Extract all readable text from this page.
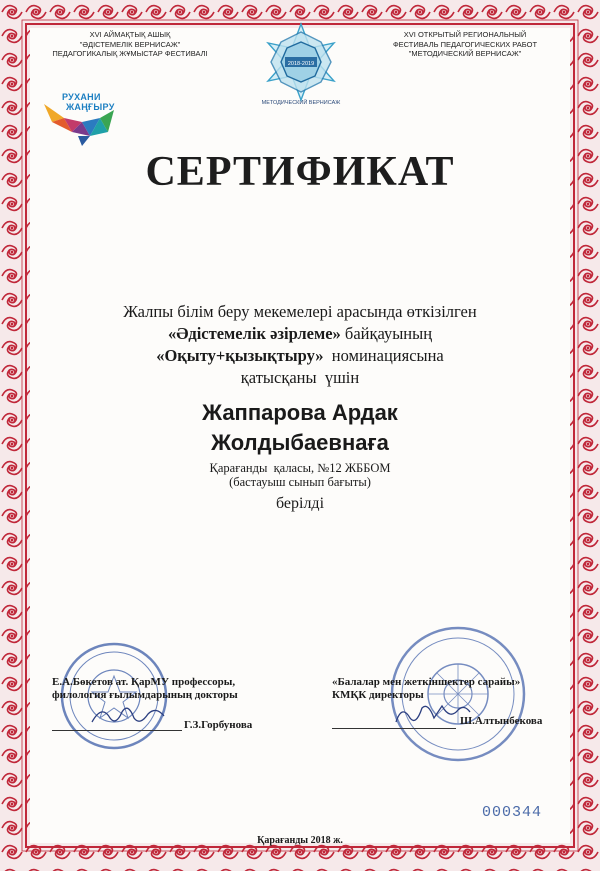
XVI АЙМАҚТЫҚ АШЫҚ
"ӘДІСТЕМЕЛІК ВЕРНИСАЖ"
ПЕДАГОГИКАЛЫҚ ЖҰМЫСТАР ФЕСТИВАЛІ
2018-2019
МЕТОДИЧЕСКИЙ ВЕРНИСАЖ
XVI ОТКРЫТЫЙ РЕГИОНАЛЬНЫЙ
ФЕСТИВАЛЬ ПЕДАГОГИЧЕСКИХ РАБОТ
"МЕТОДИЧЕСКИЙ ВЕРНИСАЖ"
РУХАНИ
ЖАҢҒЫРУ
СЕРТИФИКАТ
Жалпы білім беру мекемелері арасында өткізілген
«Әдістемелік әзірлеме» байқауының
«Оқыту+қызықтыру»  номинациясына
қатысқаны  үшін
Жаппарова Ардак
Жолдыбаевнаға
Қарағанды  қаласы, №12 ЖББОМ
(бастауыш сынып бағыты)
берілді
Е.А.Бөкетов ат. ҚарМУ профессоры,
филология ғылымдарының докторы
Г.З.Горбунова
«Балалар мен жеткіншектер сарайы»
КМҚК директоры
Ш.Алтынбекова
000344
Қарағанды 2018 ж.
